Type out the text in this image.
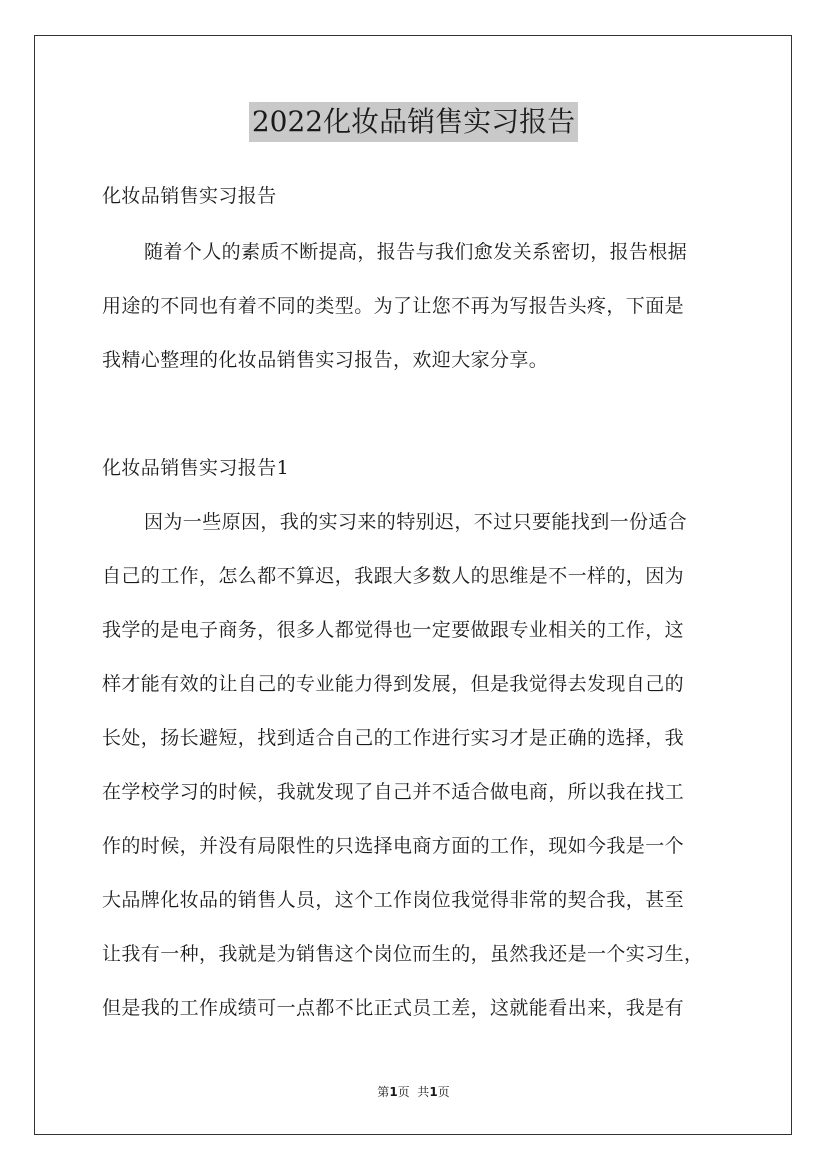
2022化妆品销售实习报告
化妆品销售实习报告
随着个人的素质不断提高，报告与我们愈发关系密切，报告根据
用途的不同也有着不同的类型。为了让您不再为写报告头疼，下面是
我精心整理的化妆品销售实习报告，欢迎大家分享。
化妆品销售实习报告1
因为一些原因，我的实习来的特别迟，不过只要能找到一份适合
自己的工作，怎么都不算迟，我跟大多数人的思维是不一样的，因为
我学的是电子商务，很多人都觉得也一定要做跟专业相关的工作，这
样才能有效的让自己的专业能力得到发展，但是我觉得去发现自己的
长处，扬长避短，找到适合自己的工作进行实习才是正确的选择，我
在学校学习的时候，我就发现了自己并不适合做电商，所以我在找工
作的时候，并没有局限性的只选择电商方面的工作，现如今我是一个
大品牌化妆品的销售人员，这个工作岗位我觉得非常的契合我，甚至
让我有一种，我就是为销售这个岗位而生的，虽然我还是一个实习生，
但是我的工作成绩可一点都不比正式员工差，这就能看出来，我是有
第1页  共1页
